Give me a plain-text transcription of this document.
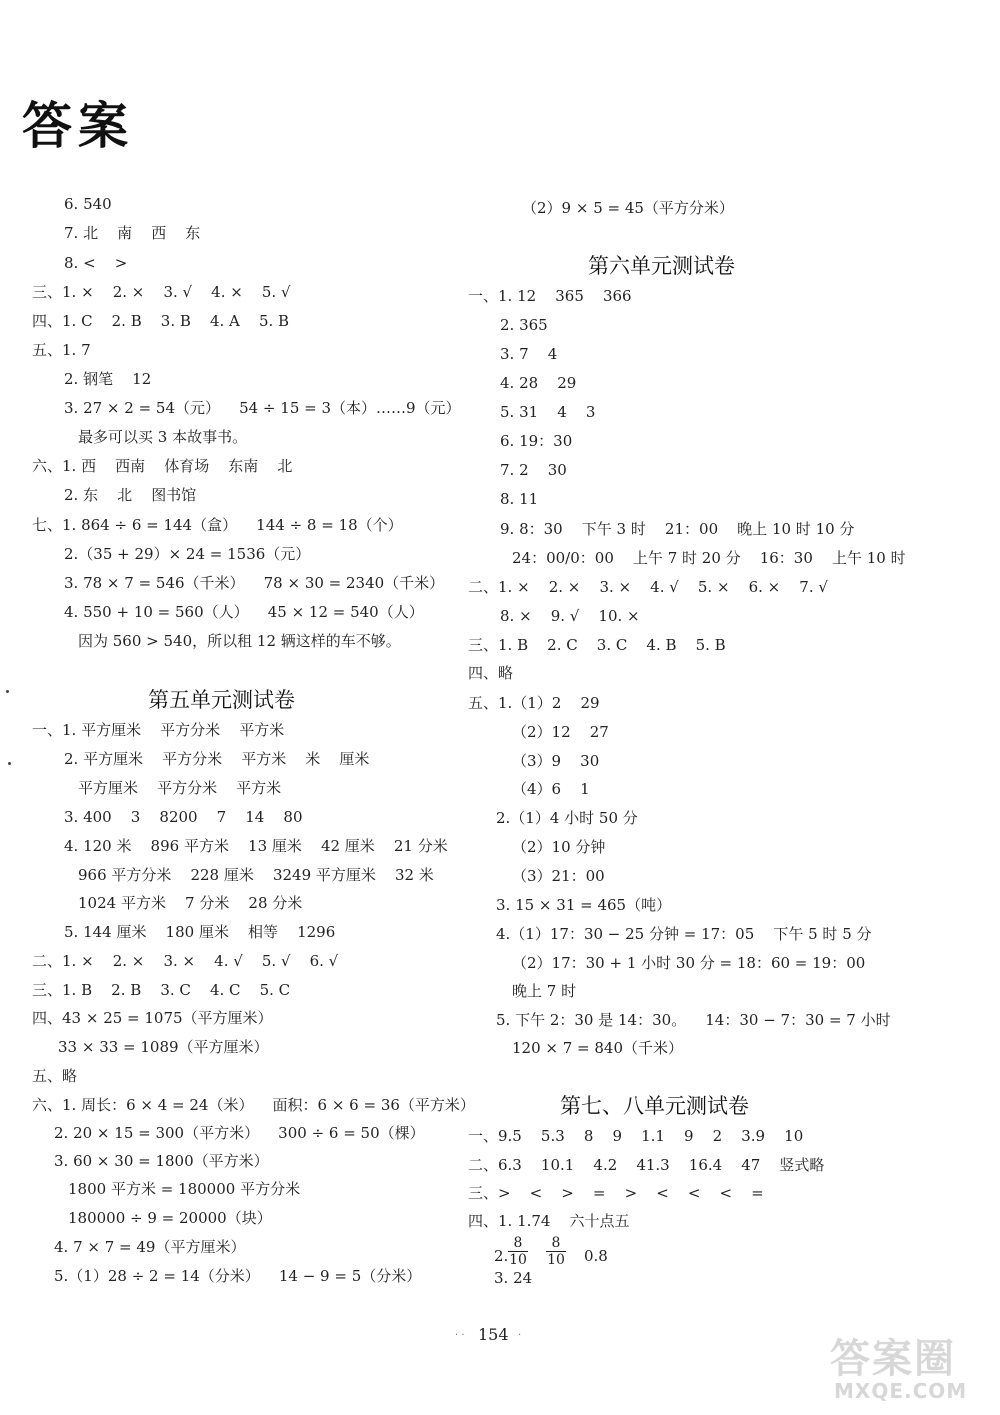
答案
6. 540
7. 北    南    西    东
8. <    >
三、1. ×    2. ×    3. √    4. ×    5. √
四、1. C    2. B    3. B    4. A    5. B
五、1. 7
2. 钢笔    12
3. 27 × 2 = 54（元）    54 ÷ 15 = 3（本）……9（元）
最多可以买 3 本故事书。
六、1. 西    西南    体育场    东南    北
2. 东    北    图书馆
七、1. 864 ÷ 6 = 144（盒）    144 ÷ 8 = 18（个）
2.（35 + 29）× 24 = 1536（元）
3. 78 × 7 = 546（千米）    78 × 30 = 2340（千米）
4. 550 + 10 = 560（人）    45 × 12 = 540（人）
因为 560 > 540，所以租 12 辆这样的车不够。
第五单元测试卷
一、1. 平方厘米    平方分米    平方米
2. 平方厘米    平方分米    平方米    米    厘米
平方厘米    平方分米    平方米
3. 400    3    8200    7    14    80
4. 120 米    896 平方米    13 厘米    42 厘米    21 分米
966 平方分米    228 厘米    3249 平方厘米    32 米
1024 平方米    7 分米    28 分米
5. 144 厘米    180 厘米    相等    1296
二、1. ×    2. ×    3. ×    4. √    5. √    6. √
三、1. B    2. B    3. C    4. C    5. C
四、43 × 25 = 1075（平方厘米）
33 × 33 = 1089（平方厘米）
五、略
六、1. 周长：6 × 4 = 24（米）    面积：6 × 6 = 36（平方米）
2. 20 × 15 = 300（平方米）    300 ÷ 6 = 50（棵）
3. 60 × 30 = 1800（平方米）
1800 平方米 = 180000 平方分米
180000 ÷ 9 = 20000（块）
4. 7 × 7 = 49（平方厘米）
5.（1）28 ÷ 2 = 14（分米）    14 − 9 = 5（分米）
（2）9 × 5 = 45（平方分米）
第六单元测试卷
一、1. 12    365    366
2. 365
3. 7    4
4. 28    29
5. 31    4    3
6. 19：30
7. 2    30
8. 11
9. 8：30    下午 3 时    21：00    晚上 10 时 10 分
24：00/0：00    上午 7 时 20 分    16：30    上午 10 时
二、1. ×    2. ×    3. ×    4. √    5. ×    6. ×    7. √
8. ×    9. √    10. ×
三、1. B    2. C    3. C    4. B    5. B
四、略
五、1.（1）2    29
（2）12    27
（3）9    30
（4）6    1
2.（1）4 小时 50 分
（2）10 分钟
（3）21：00
3. 15 × 31 = 465（吨）
4.（1）17：30 − 25 分钟 = 17：05    下午 5 时 5 分
（2）17：30 + 1 小时 30 分 = 18：60 = 19：00
晚上 7 时
5. 下午 2：30 是 14：30。    14：30 − 7：30 = 7 小时
120 × 7 = 840（千米）
第七、八单元测试卷
一、9.5    5.3    8    9    1.1    9    2    3.9    10
二、6.3    10.1    4.2    41.3    16.4    47    竖式略
三、>    <    >    =    >    <    <    <    =
四、1. 1.74    六十点五
2. $\frac{8}{10} \frac{8}{10} 0.8$
3. 24
· · 154 ·
答案圈
MXQE.COM
